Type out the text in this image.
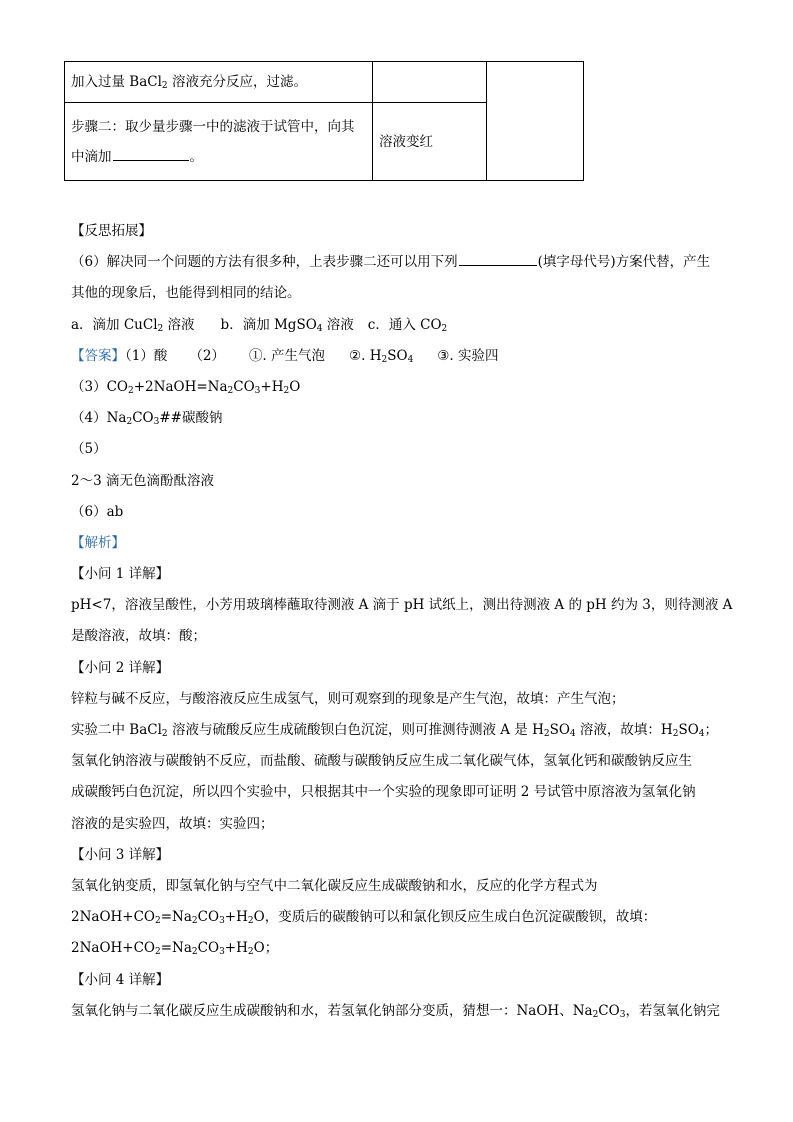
加入过量 BaCl$_2$ 溶液充分反应，过滤。		

步骤二：取少量步骤一中的滤液于试管中，向其
中滴加 。	溶液变红	
【反思拓展】
（6）解决同一个问题的方法有很多种，上表步骤二还可以用下列	(填字母代号)方案代替，产生
其他的现象后，也能得到相同的结论。
a．滴加 CuCl$_2$ 溶液 b．滴加 MgSO$_4$ 溶液 c．通入 $CO_2$
【答案】（1）酸 （2） ①. 产生气泡 ②. $H_2SO_4$ ③. 实验四
$(3)CO_2+2NaOH=Na_2CO_3+H_2O$
$(4)Na_2CO_3\#\#$碳酸钠
（5）
2～3 滴无色滴酚酞溶液
（6）ab
【解析】
【小问 1 详解】
pH<7，溶液呈酸性，小芳用玻璃棒蘸取待测液 A 滴于 pH 试纸上，测出待测液 A 的 pH 约为 3，则待测液 A
是酸溶液，故填：酸；
【小问 2 详解】
锌粒与碱不反应，与酸溶液反应生成氢气，则可观察到的现象是产生气泡，故填：产生气泡；
实验二中 BaCl$_2$ 溶液与硫酸反应生成硫酸钡白色沉淀，则可推测待测液 A 是 $H_2SO_4$ 溶液，故填：$H_2SO_4$；
氢氧化钠溶液与碳酸钠不反应，而盐酸、硫酸与碳酸钠反应生成二氧化碳气体，氢氧化钙和碳酸钠反应生
成碳酸钙白色沉淀，所以四个实验中，只根据其中一个实验的现象即可证明 2 号试管中原溶液为氢氧化钠
溶液的是实验四，故填：实验四；
【小问 3 详解】
氢氧化钠变质，即氢氧化钠与空气中二氧化碳反应生成碳酸钠和水，反应的化学方程式为
$2NaOH+CO_2=Na_2CO_3+H_2O$，变质后的碳酸钠可以和氯化钡反应生成白色沉淀碳酸钡，故填：
$2NaOH+CO_2=Na_2CO_3+H_2O$；
【小问 4 详解】
氢氧化钠与二氧化碳反应生成碳酸钠和水，若氢氧化钠部分变质，猜想一：NaOH、$Na_2CO_3$，若氢氧化钠完
